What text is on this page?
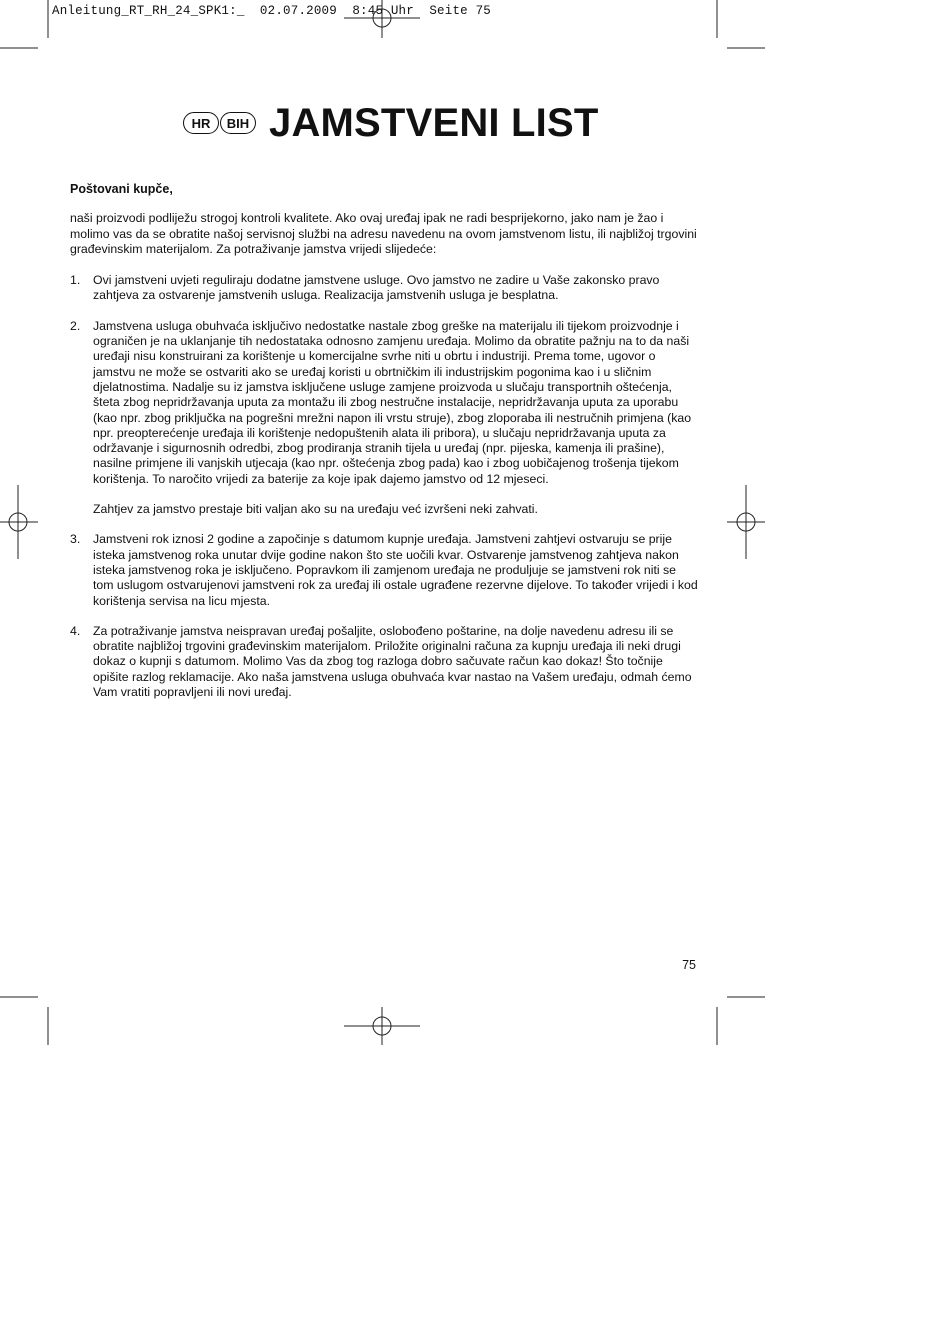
Anleitung_RT_RH_24_SPK1:_  02.07.2009  8:45 Uhr  Seite 75
HR	BIH JAMSTVENI LIST

Poštovani kupče,

naši proizvodi podliježu strogoj kontroli kvalitete. Ako ovaj uređaj ipak ne radi besprijekorno, jako nam je žao i molimo vas da se obratite našoj servisnoj službi na adresu navedenu na ovom jamstvenom listu, ili najbližoj trgovini građevinskim materijalom. Za potraživanje jamstva vrijedi slijedeće:

1.	Ovi jamstveni uvjeti reguliraju dodatne jamstvene usluge. Ovo jamstvo ne zadire u Vaše zakonsko pravo zahtjeva za ostvarenje jamstvenih usluga. Realizacija jamstvenih usluga je besplatna.

2.	Jamstvena usluga obuhvaća isključivo nedostatke nastale zbog greške na materijalu ili tijekom proizvodnje i ograničen je na uklanjanje tih nedostataka odnosno zamjenu uređaja. Molimo da obratite pažnju na to da naši uređaji nisu konstruirani za korištenje u komercijalne svrhe niti u obrtu i industriji. Prema tome, ugovor o jamstvu ne može se ostvariti ako se uređaj koristi u obrtničkim ili industrijskim pogonima kao i u sličnim djelatnostima. Nadalje su iz jamstva isključene usluge zamjene proizvoda u slučaju transportnih oštećenja, šteta zbog nepridržavanja uputa za montažu ili zbog nestručne instalacije, nepridržavanja uputa za uporabu (kao npr. zbog priključka na pogrešni mrežni napon ili vrstu struje), zbog zloporaba ili nestručnih primjena (kao npr. preopterećenje uređaja ili korištenje nedopuštenih alata ili pribora), u slučaju nepridržavanja uputa za održavanje i sigurnosnih odredbi, zbog prodiranja stranih tijela u uređaj (npr. pijeska, kamenja ili prašine), nasilne primjene ili vanjskih utjecaja (kao npr. oštećenja zbog pada) kao i zbog uobičajenog trošenja tijekom korištenja. To naročito vrijedi za baterije za koje ipak dajemo jamstvo od 12 mjeseci.

Zahtjev za jamstvo prestaje biti valjan ako su na uređaju već izvršeni neki zahvati.

3.	Jamstveni rok iznosi 2 godine a započinje s datumom kupnje uređaja. Jamstveni zahtjevi ostvaruju se prije isteka jamstvenog roka unutar dvije godine nakon što ste uočili kvar. Ostvarenje jamstvenog zahtjeva nakon isteka jamstvenog roka je isključeno. Popravkom ili zamjenom uređaja ne produljuje se jamstveni rok niti se tom uslugom ostvarujenovi jamstveni rok za uređaj ili ostale ugrađene rezervne dijelove. To također vrijedi i kod korištenja servisa na licu mjesta.

4.	Za potraživanje jamstva neispravan uređaj pošaljite, oslobođeno poštarine, na dolje navedenu adresu ili se obratite najbližoj trgovini građevinskim materijalom. Priložite originalni računa za kupnju uređaja ili neki drugi dokaz o kupnji s datumom. Molimo Vas da zbog tog razloga dobro sačuvate račun kao dokaz! Što točnije opišite razlog reklamacije. Ako naša jamstvena usluga obuhvaća kvar nastao na Vašem uređaju, odmah ćemo Vam vratiti popravljeni ili novi uređaj.

75
